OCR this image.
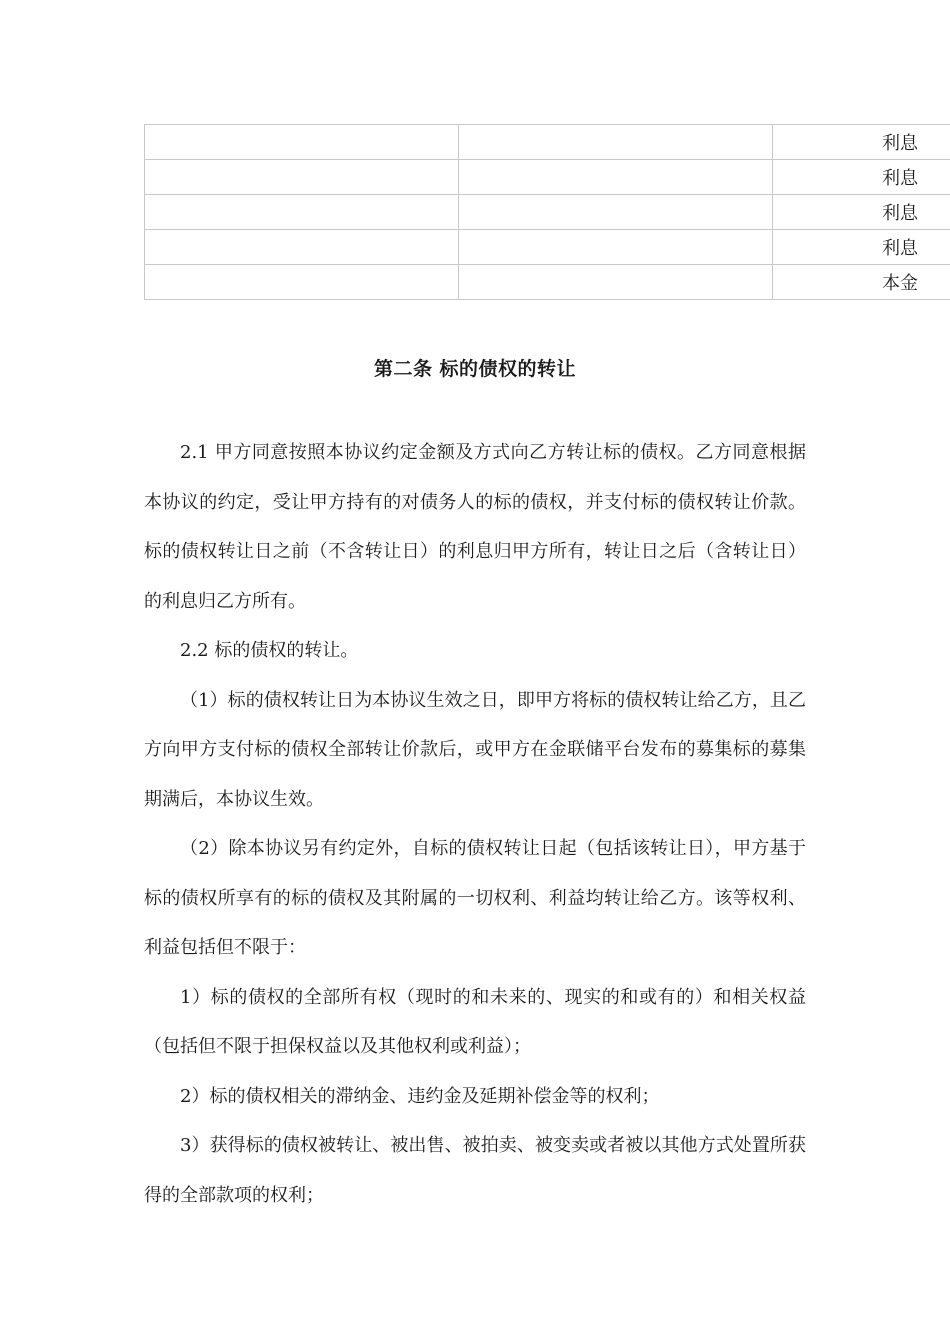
		利息
		利息
		利息
		利息
		本金
第二条 标的债权的转让

2.1 甲方同意按照本协议约定金额及方式向乙方转让标的债权。乙方同意根据本协议的约定，受让甲方持有的对债务人的标的债权，并支付标的债权转让价款。标的债权转让日之前（不含转让日）的利息归甲方所有，转让日之后（含转让日）的利息归乙方所有。

2.2 标的债权的转让。

（1）标的债权转让日为本协议生效之日，即甲方将标的债权转让给乙方，且乙方向甲方支付标的债权全部转让价款后，或甲方在金联储平台发布的募集标的募集期满后，本协议生效。

（2）除本协议另有约定外，自标的债权转让日起（包括该转让日），甲方基于标的债权所享有的标的债权及其附属的一切权利、利益均转让给乙方。该等权利、利益包括但不限于：

1）标的债权的全部所有权（现时的和未来的、现实的和或有的）和相关权益（包括但不限于担保权益以及其他权利或利益）；

2）标的债权相关的滞纳金、违约金及延期补偿金等的权利；

3）获得标的债权被转让、被出售、被拍卖、被变卖或者被以其他方式处置所获得的全部款项的权利；
